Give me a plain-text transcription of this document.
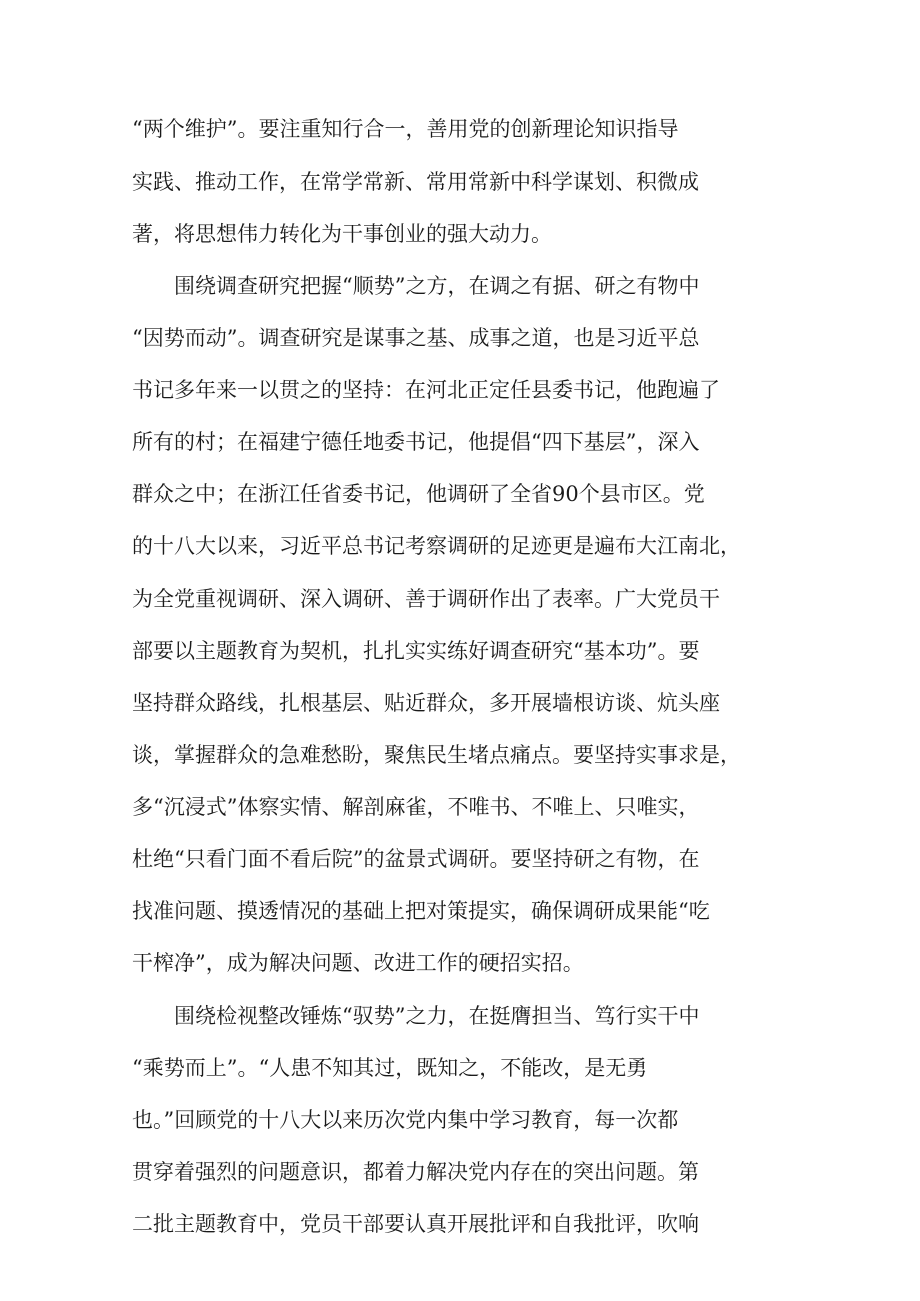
“两个维护”。要注重知行合一，善用党的创新理论知识指导
实践、推动工作，在常学常新、常用常新中科学谋划、积微成
著，将思想伟力转化为干事创业的强大动力。
围绕调查研究把握“顺势”之方，在调之有据、研之有物中
“因势而动”。调查研究是谋事之基、成事之道，也是习近平总
书记多年来一以贯之的坚持：在河北正定任县委书记，他跑遍了
所有的村；在福建宁德任地委书记，他提倡“四下基层”，深入
群众之中；在浙江任省委书记，他调研了全省90个县市区。党
的十八大以来，习近平总书记考察调研的足迹更是遍布大江南北，
为全党重视调研、深入调研、善于调研作出了表率。广大党员干
部要以主题教育为契机，扎扎实实练好调查研究“基本功”。要
坚持群众路线，扎根基层、贴近群众，多开展墙根访谈、炕头座
谈，掌握群众的急难愁盼，聚焦民生堵点痛点。要坚持实事求是，
多“沉浸式”体察实情、解剖麻雀，不唯书、不唯上、只唯实，
杜绝“只看门面不看后院”的盆景式调研。要坚持研之有物，在
找准问题、摸透情况的基础上把对策提实，确保调研成果能“吃
干榨净”，成为解决问题、改进工作的硬招实招。
围绕检视整改锤炼“驭势”之力，在挺膺担当、笃行实干中
“乘势而上”。“人患不知其过，既知之，不能改，是无勇
也。”回顾党的十八大以来历次党内集中学习教育，每一次都
贯穿着强烈的问题意识，都着力解决党内存在的突出问题。第
二批主题教育中，党员干部要认真开展批评和自我批评，吹响
